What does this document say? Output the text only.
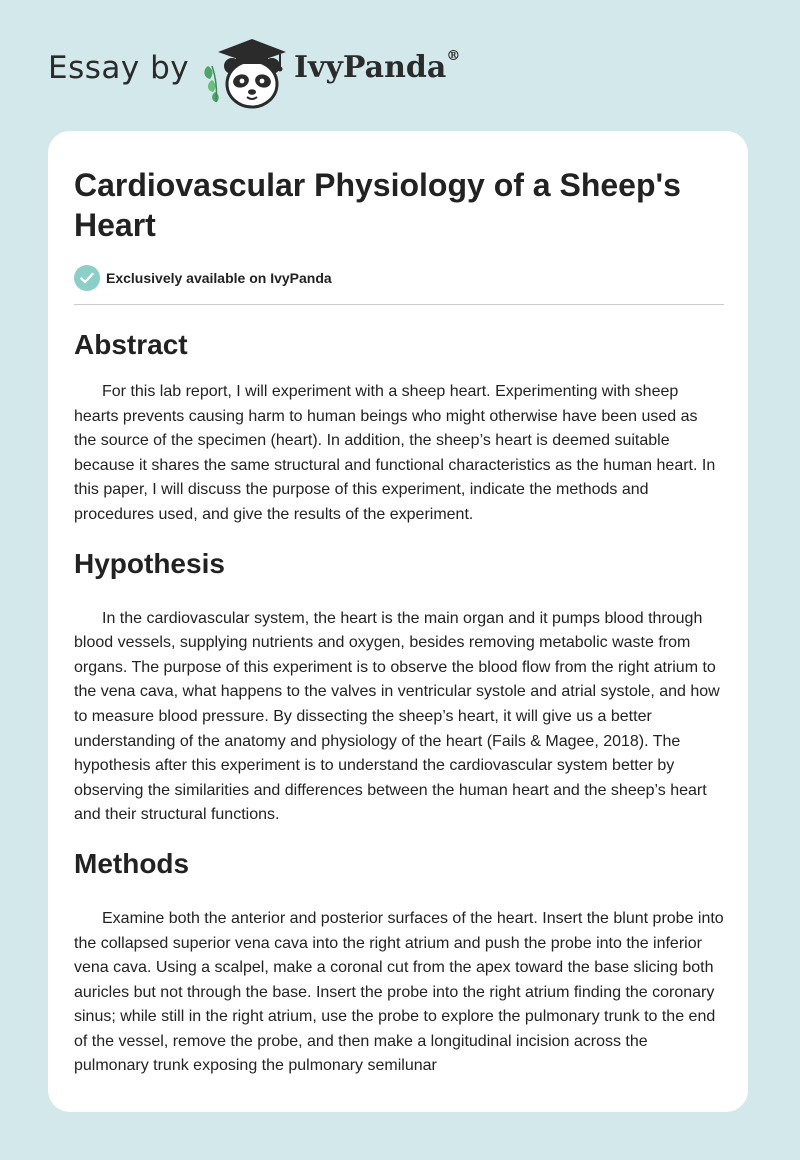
Essay by	IvyPanda®
Cardiovascular Physiology of a Sheep's Heart
Exclusively available on IvyPanda
Abstract

For this lab report, I will experiment with a sheep heart. Experimenting with sheep hearts prevents causing harm to human beings who might otherwise have been used as the source of the specimen (heart). In addition, the sheep’s heart is deemed suitable because it shares the same structural and functional characteristics as the human heart. In this paper, I will discuss the purpose of this experiment, indicate the methods and procedures used, and give the results of the experiment.

Hypothesis

In the cardiovascular system, the heart is the main organ and it pumps blood through blood vessels, supplying nutrients and oxygen, besides removing metabolic waste from organs. The purpose of this experiment is to observe the blood flow from the right atrium to the vena cava, what happens to the valves in ventricular systole and atrial systole, and how to measure blood pressure. By dissecting the sheep’s heart, it will give us a better understanding of the anatomy and physiology of the heart (Fails & Magee, 2018). The hypothesis after this experiment is to understand the cardiovascular system better by observing the similarities and differences between the human heart and the sheep’s heart and their structural functions.

Methods

Examine both the anterior and posterior surfaces of the heart. Insert the blunt probe into the collapsed superior vena cava into the right atrium and push the probe into the inferior vena cava. Using a scalpel, make a coronal cut from the apex toward the base slicing both auricles but not through the base. Insert the probe into the right atrium finding the coronary sinus; while still in the right atrium, use the probe to explore the pulmonary trunk to the end of the vessel, remove the probe, and then make a longitudinal incision across the pulmonary trunk exposing the pulmonary semilunar
